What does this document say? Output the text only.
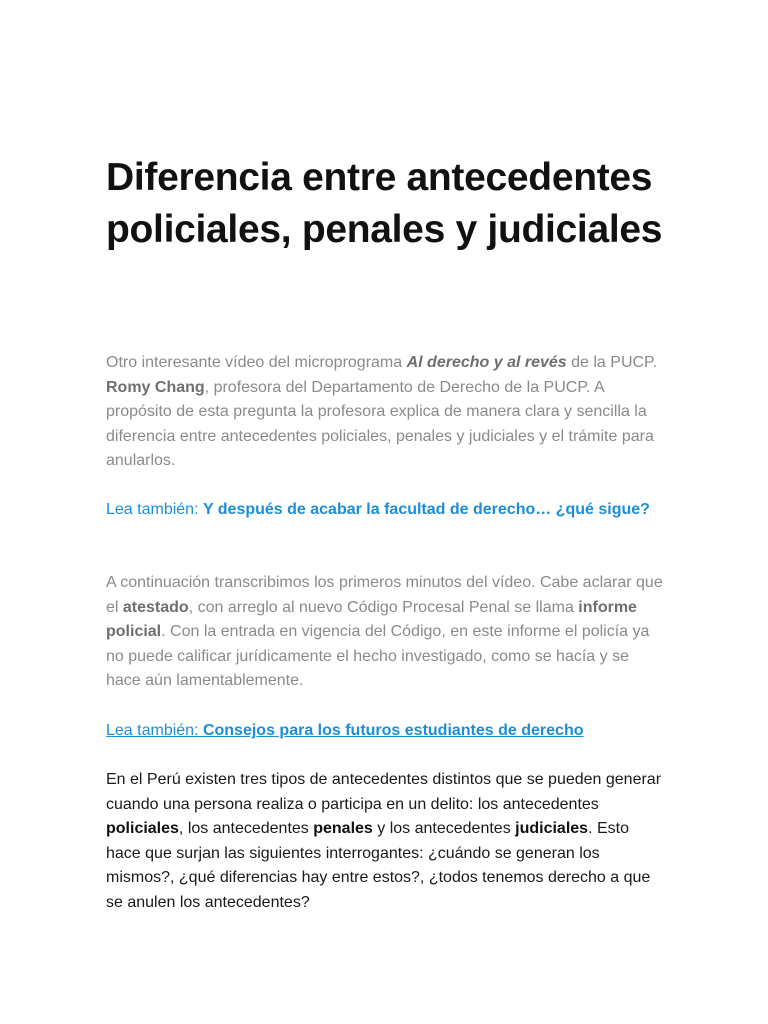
Diferencia entre antecedentes policiales, penales y judiciales

Otro interesante vídeo del microprograma Al derecho y al revés de la PUCP. Romy Chang, profesora del Departamento de Derecho de la PUCP. A propósito de esta pregunta la profesora explica de manera clara y sencilla la diferencia entre antecedentes policiales, penales y judiciales y el trámite para anularlos.

Lea también: Y después de acabar la facultad de derecho… ¿qué sigue?

A continuación transcribimos los primeros minutos del vídeo. Cabe aclarar que el atestado, con arreglo al nuevo Código Procesal Penal se llama informe policial. Con la entrada en vigencia del Código, en este informe el policía ya no puede calificar jurídicamente el hecho investigado, como se hacía y se hace aún lamentablemente.

Lea también: Consejos para los futuros estudiantes de derecho

En el Perú existen tres tipos de antecedentes distintos que se pueden generar cuando una persona realiza o participa en un delito: los antecedentes policiales, los antecedentes penales y los antecedentes judiciales. Esto hace que surjan las siguientes interrogantes: ¿cuándo se generan los mismos?, ¿qué diferencias hay entre estos?, ¿todos tenemos derecho a que se anulen los antecedentes?
